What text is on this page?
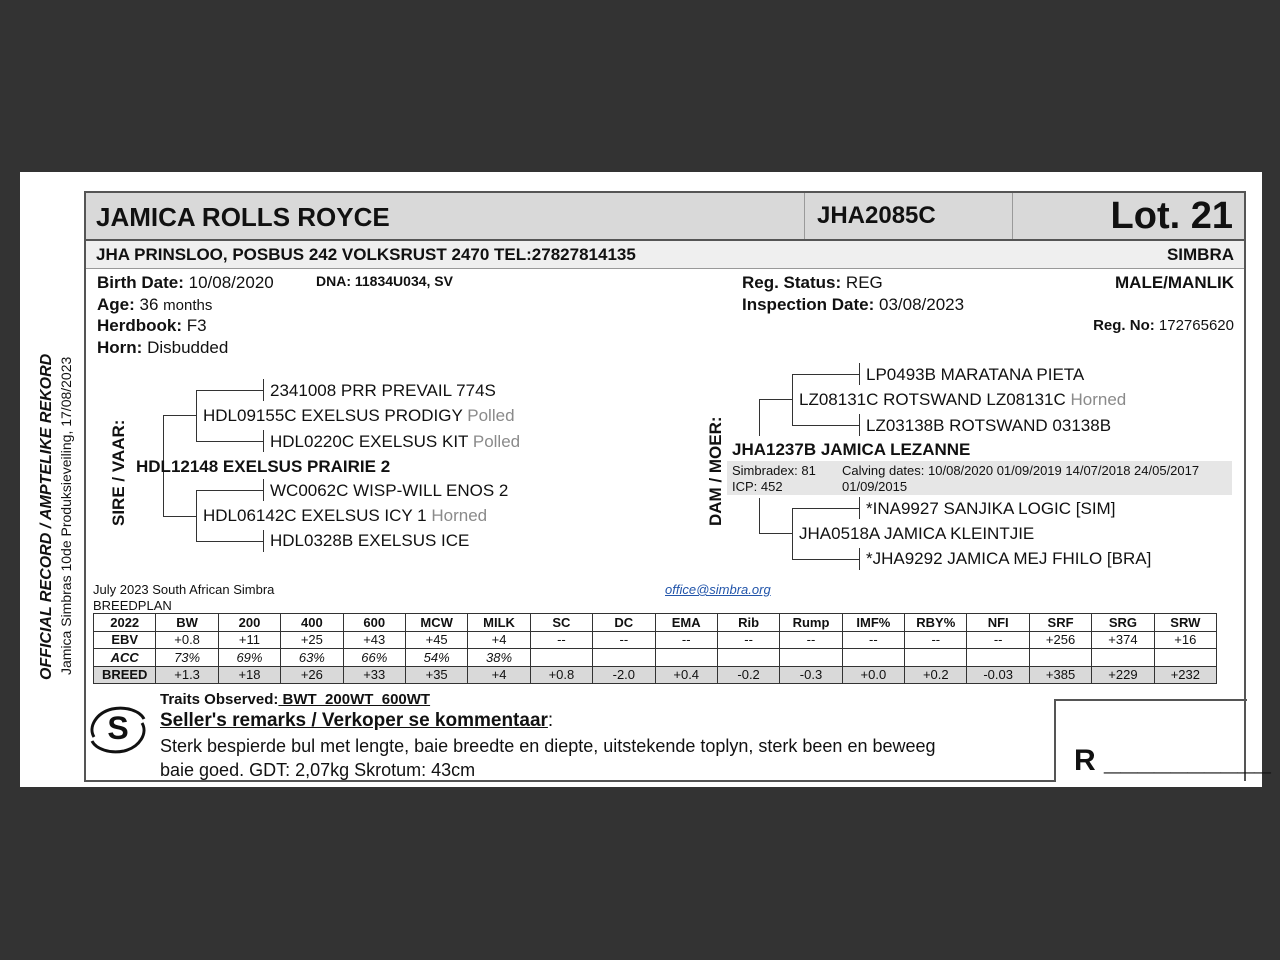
OFFICIAL RECORD / AMPTELIKE REKORD Jamica Simbras 10de Produksieveiling, 17/08/2023
JAMICA ROLLS ROYCE	JHA2085C	Lot. 21
JHA PRINSLOO, POSBUS 242 VOLKSRUST 2470 TEL:27827814135	SIMBRA
Birth Date: 10/08/2020	DNA: 11834U034, SV
Age: 36 months
Herdbook: F3
Horn: Disbudded
Reg. Status: REG
Inspection Date: 03/08/2023
MALE/MANLIK
Reg. No: 172765620
SIRE / VAAR:
2341008 PRR PREVAIL 774S
HDL09155C EXELSUS PRODIGY Polled
HDL0220C EXELSUS KIT Polled
HDL12148 EXELSUS PRAIRIE 2
WC0062C WISP-WILL ENOS 2
HDL06142C EXELSUS ICY 1 Horned
HDL0328B EXELSUS ICE
DAM / MOER:
LP0493B MARATANA PIETA
LZ08131C ROTSWAND LZ08131C Horned
LZ03138B ROTSWAND 03138B
JHA1237B JAMICA LEZANNE
Simbradex: 81
ICP: 452
Calving dates: 10/08/2020 01/09/2019 14/07/2018 24/05/2017
01/09/2015
*INA9927 SANJIKA LOGIC [SIM]
JHA0518A JAMICA KLEINTJIE
*JHA9292 JAMICA MEJ FHILO [BRA]
July 2023 South African Simbra
BREEDPLAN
office@simbra.org
2022	BW	200	400	600	MCW	MILK	SC	DC	EMA	Rib	Rump	IMF%	RBY%	NFI	SRF	SRG	SRW
EBV	+0.8	+11	+25	+43	+45	+4	--	--	--	--	--	--	--	--	+256	+374	+16
ACC	73%	69%	63%	66%	54%	38%											
BREED	+1.3	+18	+26	+33	+35	+4	+0.8	-2.0	+0.4	-0.2	-0.3	+0.0	+0.2	-0.03	+385	+229	+232
S
Traits Observed: BWT  200WT  600WT
Seller's remarks / Verkoper se kommentaar:
Sterk bespierde bul met lengte, baie breedte en diepte, uitstekende toplyn, sterk been en beweeg
baie goed. GDT: 2,07kg Skrotum: 43cm	R __________
